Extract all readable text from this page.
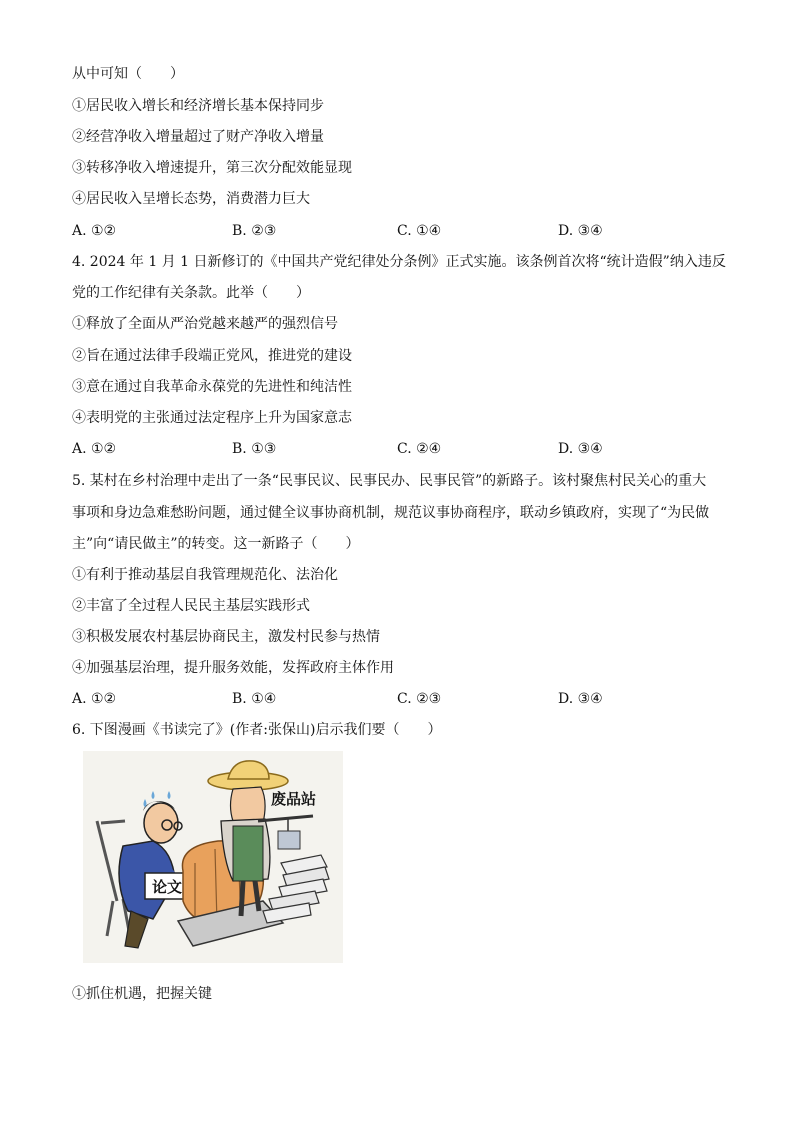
从中可知（　　）
①居民收入增长和经济增长基本保持同步
②经营净收入增量超过了财产净收入增量
③转移净收入增速提升，第三次分配效能显现
④居民收入呈增长态势，消费潜力巨大
A. ①②	B. ②③	C. ①④	D. ③④
4. 2024 年 1 月 1 日新修订的《中国共产党纪律处分条例》正式实施。该条例首次将“统计造假”纳入违反
党的工作纪律有关条款。此举（　　）
①释放了全面从严治党越来越严的强烈信号
②旨在通过法律手段端正党风，推进党的建设
③意在通过自我革命永葆党的先进性和纯洁性
④表明党的主张通过法定程序上升为国家意志
A. ①②	B. ①③	C. ②④	D. ③④
5. 某村在乡村治理中走出了一条“民事民议、民事民办、民事民管”的新路子。该村聚焦村民关心的重大
事项和身边急难愁盼问题，通过健全议事协商机制，规范议事协商程序，联动乡镇政府，实现了“为民做
主”向“请民做主”的转变。这一新路子（　　）
①有利于推动基层自我管理规范化、法治化
②丰富了全过程人民民主基层实践形式
③积极发展农村基层协商民主，激发村民参与热情
④加强基层治理，提升服务效能，发挥政府主体作用
A. ①②	B. ①④	C. ②③	D. ③④
6. 下图漫画《书读完了》(作者:张保山)启示我们要（　　）
论文
废品站
①抓住机遇，把握关键
